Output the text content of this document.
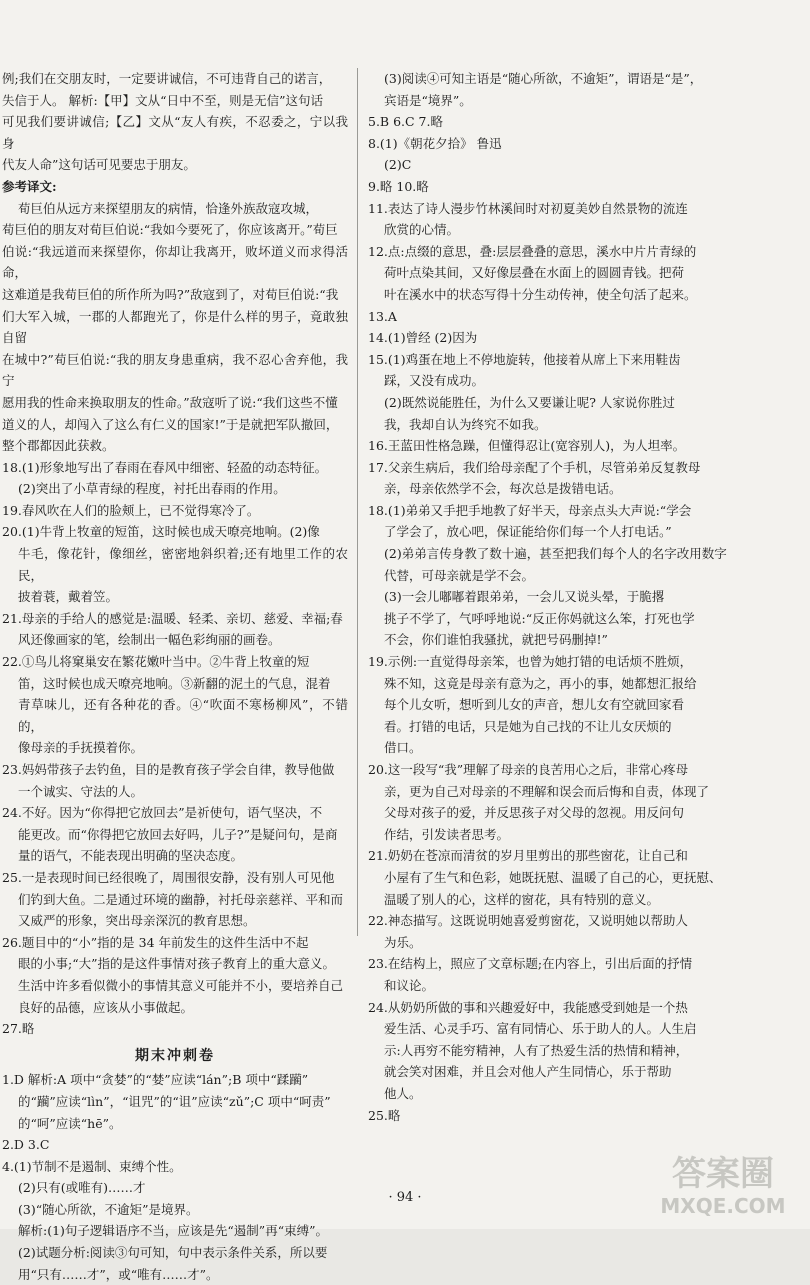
例;我们在交朋友时，一定要讲诚信，不可违背自己的诺言，

失信于人。 解析:【甲】文从“日中不至，则是无信”这句话

可见我们要讲诚信;【乙】文从“友人有疾，不忍委之，宁以我身

代友人命”这句话可见要忠于朋友。

参考译文:

荀巨伯从远方来探望朋友的病情，恰逢外族敌寇攻城，

荀巨伯的朋友对荀巨伯说:“我如今要死了，你应该离开。”荀巨

伯说:“我远道而来探望你，你却让我离开，败坏道义而求得活命，

这难道是我荀巨伯的所作所为吗?”敌寇到了，对荀巨伯说:“我

们大军入城，一郡的人都跑光了，你是什么样的男子，竟敢独自留

在城中?”荀巨伯说:“我的朋友身患重病，我不忍心舍弃他，我宁

愿用我的性命来换取朋友的性命。”敌寇听了说:“我们这些不懂

道义的人，却闯入了这么有仁义的国家!”于是就把军队撤回，

整个郡都因此获救。

18.(1)形象地写出了春雨在春风中细密、轻盈的动态特征。

(2)突出了小草青绿的程度，衬托出春雨的作用。

19.春风吹在人们的脸颊上，已不觉得寒冷了。

20.(1)牛背上牧童的短笛，这时候也成天嘹亮地响。(2)像

牛毛，像花针，像细丝，密密地斜织着;还有地里工作的农民，

披着蓑，戴着笠。

21.母亲的手给人的感觉是:温暖、轻柔、亲切、慈爱、幸福;春

风还像画家的笔，绘制出一幅色彩绚丽的画卷。

22.①鸟儿将窠巢安在繁花嫩叶当中。②牛背上牧童的短

笛，这时候也成天嘹亮地响。③新翻的泥土的气息，混着

青草味儿，还有各种花的香。④“吹面不寒杨柳风”，不错的，

像母亲的手抚摸着你。

23.妈妈带孩子去钓鱼，目的是教育孩子学会自律，教导他做

一个诚实、守法的人。

24.不好。因为“你得把它放回去”是祈使句，语气坚决，不

能更改。而“你得把它放回去好吗，儿子?”是疑问句，是商

量的语气，不能表现出明确的坚决态度。

25.一是表现时间已经很晚了，周围很安静，没有别人可见他

们钓到大鱼。二是通过环境的幽静，衬托母亲慈祥、平和而

又威严的形象，突出母亲深沉的教育思想。

26.题目中的“小”指的是 34 年前发生的这件生活中不起

眼的小事;“大”指的是这件事情对孩子教育上的重大意义。

生活中许多看似微小的事情其意义可能并不小，要培养自己

良好的品德，应该从小事做起。

27.略

期末冲刺卷

1.D 解析:A 项中“贪婪”的“婪”应读“lán”;B 项中“蹂躏”

的“躏”应读“lìn”，“诅咒”的“诅”应读“zǔ”;C 项中“呵责”

的“呵”应读“hē”。

2.D 3.C

4.(1)节制不是遏制、束缚个性。

(2)只有(或唯有)……才

(3)“随心所欲，不逾矩”是境界。

解析:(1)句子逻辑语序不当，应该是先“遏制”再“束缚”。

(2)试题分析:阅读③句可知，句中表示条件关系，所以要

用“只有……才”，或“唯有……才”。

(3)阅读④可知主语是“随心所欲，不逾矩”，谓语是“是”，

宾语是“境界”。

5.B 6.C 7.略

8.(1)《朝花夕拾》 鲁迅

(2)C

9.略 10.略

11.表达了诗人漫步竹林溪间时对初夏美妙自然景物的流连

欣赏的心情。

12.点:点缀的意思，叠:层层叠叠的意思，溪水中片片青绿的

荷叶点染其间，又好像层叠在水面上的圆圆青钱。把荷

叶在溪水中的状态写得十分生动传神，使全句活了起来。

13.A

14.(1)曾经 (2)因为

15.(1)鸡蛋在地上不停地旋转，他接着从席上下来用鞋齿

踩，又没有成功。

(2)既然说能胜任，为什么又要谦让呢? 人家说你胜过

我，我却自认为终究不如我。

16.王蓝田性格急躁，但懂得忍让(宽容别人)，为人坦率。

17.父亲生病后，我们给母亲配了个手机，尽管弟弟反复教母

亲，母亲依然学不会，每次总是拨错电话。

18.(1)弟弟又手把手地教了好半天，母亲点头大声说:“学会

了学会了，放心吧，保证能给你们每一个人打电话。”

(2)弟弟言传身教了数十遍，甚至把我们每个人的名字改用数字

代替，可母亲就是学不会。

(3)一会儿嘟嘟着跟弟弟，一会儿又说头晕，于脆撂

挑子不学了，气呼呼地说:“反正你妈就这么笨，打死也学

不会，你们谁怕我骚扰，就把号码删掉!”

19.示例:一直觉得母亲笨，也曾为她打错的电话烦不胜烦，

殊不知，这竟是母亲有意为之，再小的事，她都想汇报给

每个儿女听，想听到儿女的声音，想儿女有空就回家看

看。打错的电话，只是她为自己找的不让儿女厌烦的

借口。

20.这一段写“我”理解了母亲的良苦用心之后，非常心疼母

亲，更为自己对母亲的不理解和误会而后悔和自责，体现了

父母对孩子的爱，并反思孩子对父母的忽视。用反问句

作结，引发读者思考。

21.奶奶在苍凉而清贫的岁月里剪出的那些窗花，让自己和

小屋有了生气和色彩，她既抚慰、温暖了自己的心，更抚慰、

温暖了别人的心，这样的窗花，具有特别的意义。

22.神态描写。这既说明她喜爱剪窗花，又说明她以帮助人

为乐。

23.在结构上，照应了文章标题;在内容上，引出后面的抒情

和议论。

24.从奶奶所做的事和兴趣爱好中，我能感受到她是一个热

爱生活、心灵手巧、富有同情心、乐于助人的人。人生启

示:人再穷不能穷精神，人有了热爱生活的热情和精神，

就会笑对困难，并且会对他人产生同情心，乐于帮助

他人。

25.略

· 94 ·
答案圈
MXQE.COM
